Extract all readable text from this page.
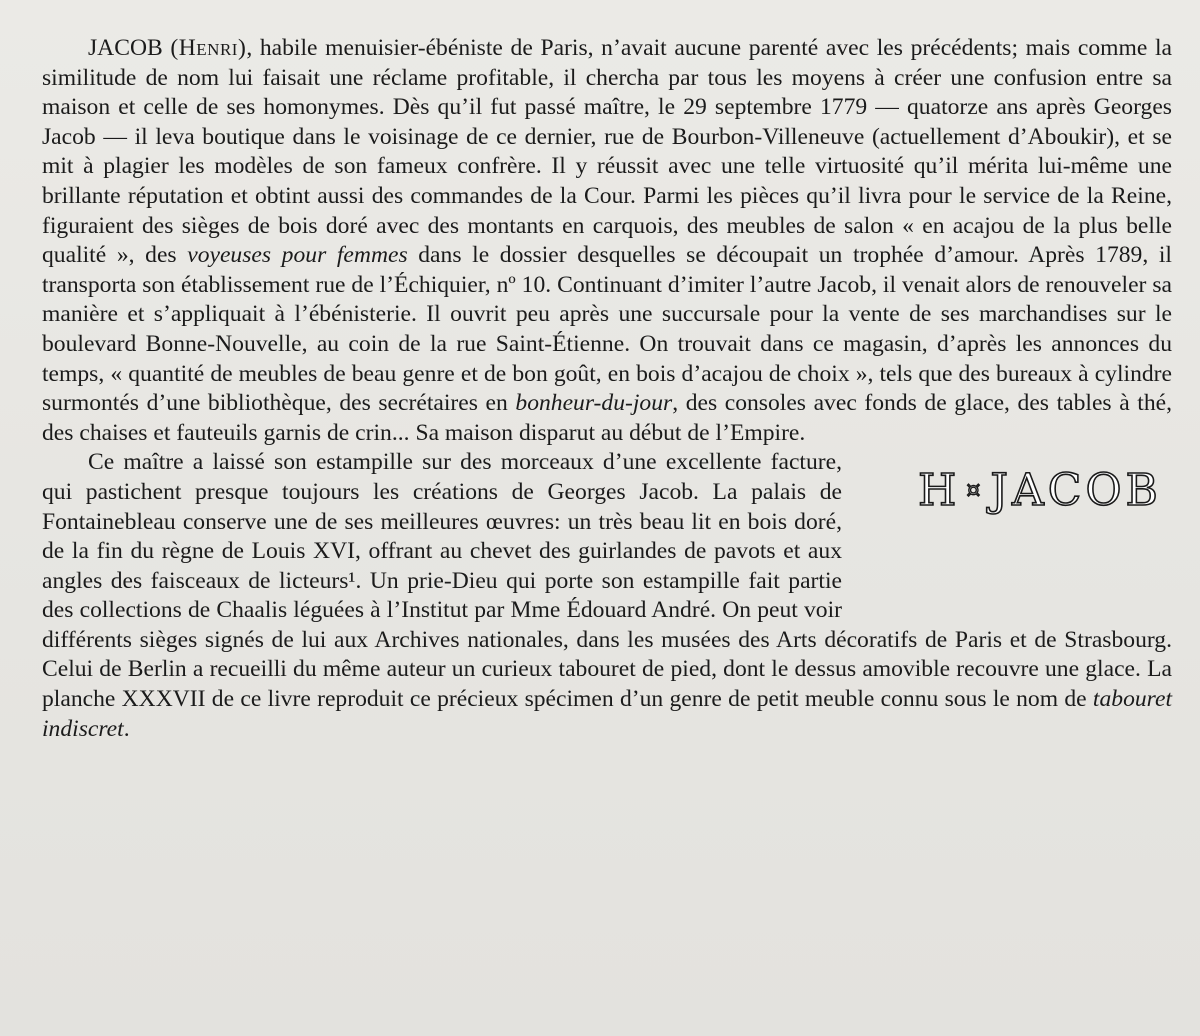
JACOB (Henri), habile menuisier-ébéniste de Paris, n’avait aucune parenté avec les précédents; mais comme la similitude de nom lui faisait une réclame profitable, il chercha par tous les moyens à créer une confusion entre sa maison et celle de ses homonymes. Dès qu’il fut passé maître, le 29 septembre 1779 — quatorze ans après Georges Jacob — il leva boutique dans le voisinage de ce dernier, rue de Bourbon-Villeneuve (actuellement d’Aboukir), et se mit à plagier les modèles de son fameux confrère. Il y réussit avec une telle virtuosité qu’il mérita lui-même une brillante réputation et obtint aussi des commandes de la Cour. Parmi les pièces qu’il livra pour le service de la Reine, figuraient des sièges de bois doré avec des montants en carquois, des meubles de salon « en acajou de la plus belle qualité », des voyeuses pour femmes dans le dossier desquelles se découpait un trophée d’amour. Après 1789, il transporta son établissement rue de l’Échiquier, nº 10. Continuant d’imiter l’autre Jacob, il venait alors de renouveler sa manière et s’appliquait à l’ébénisterie. Il ouvrit peu après une succursale pour la vente de ses marchandises sur le boulevard Bonne-Nouvelle, au coin de la rue Saint-Étienne. On trouvait dans ce magasin, d’après les annonces du temps, « quantité de meubles de beau genre et de bon goût, en bois d’acajou de choix », tels que des bureaux à cylindre surmontés d’une bibliothèque, des secrétaires en bonheur-du-jour, des consoles avec fonds de glace, des tables à thé, des chaises et fauteuils garnis de crin... Sa maison disparut au début de l’Empire.

H ¤ JACOB
Ce maître a laissé son estampille sur des morceaux d’une excellente facture, qui pastichent presque toujours les créations de Georges Jacob. La palais de Fontainebleau conserve une de ses meilleures œuvres: un très beau lit en bois doré, de la fin du règne de Louis XVI, offrant au chevet des guirlandes de pavots et aux angles des faisceaux de licteurs¹. Un prie-Dieu qui porte son estampille fait partie des collections de Chaalis léguées à l’Institut par Mme Édouard André. On peut voir différents sièges signés de lui aux Archives nationales, dans les musées des Arts décoratifs de Paris et de Strasbourg. Celui de Berlin a recueilli du même auteur un curieux tabouret de pied, dont le dessus amovible recouvre une glace. La planche XXXVII de ce livre reproduit ce précieux spécimen d’un genre de petit meuble connu sous le nom de tabouret indiscret.
